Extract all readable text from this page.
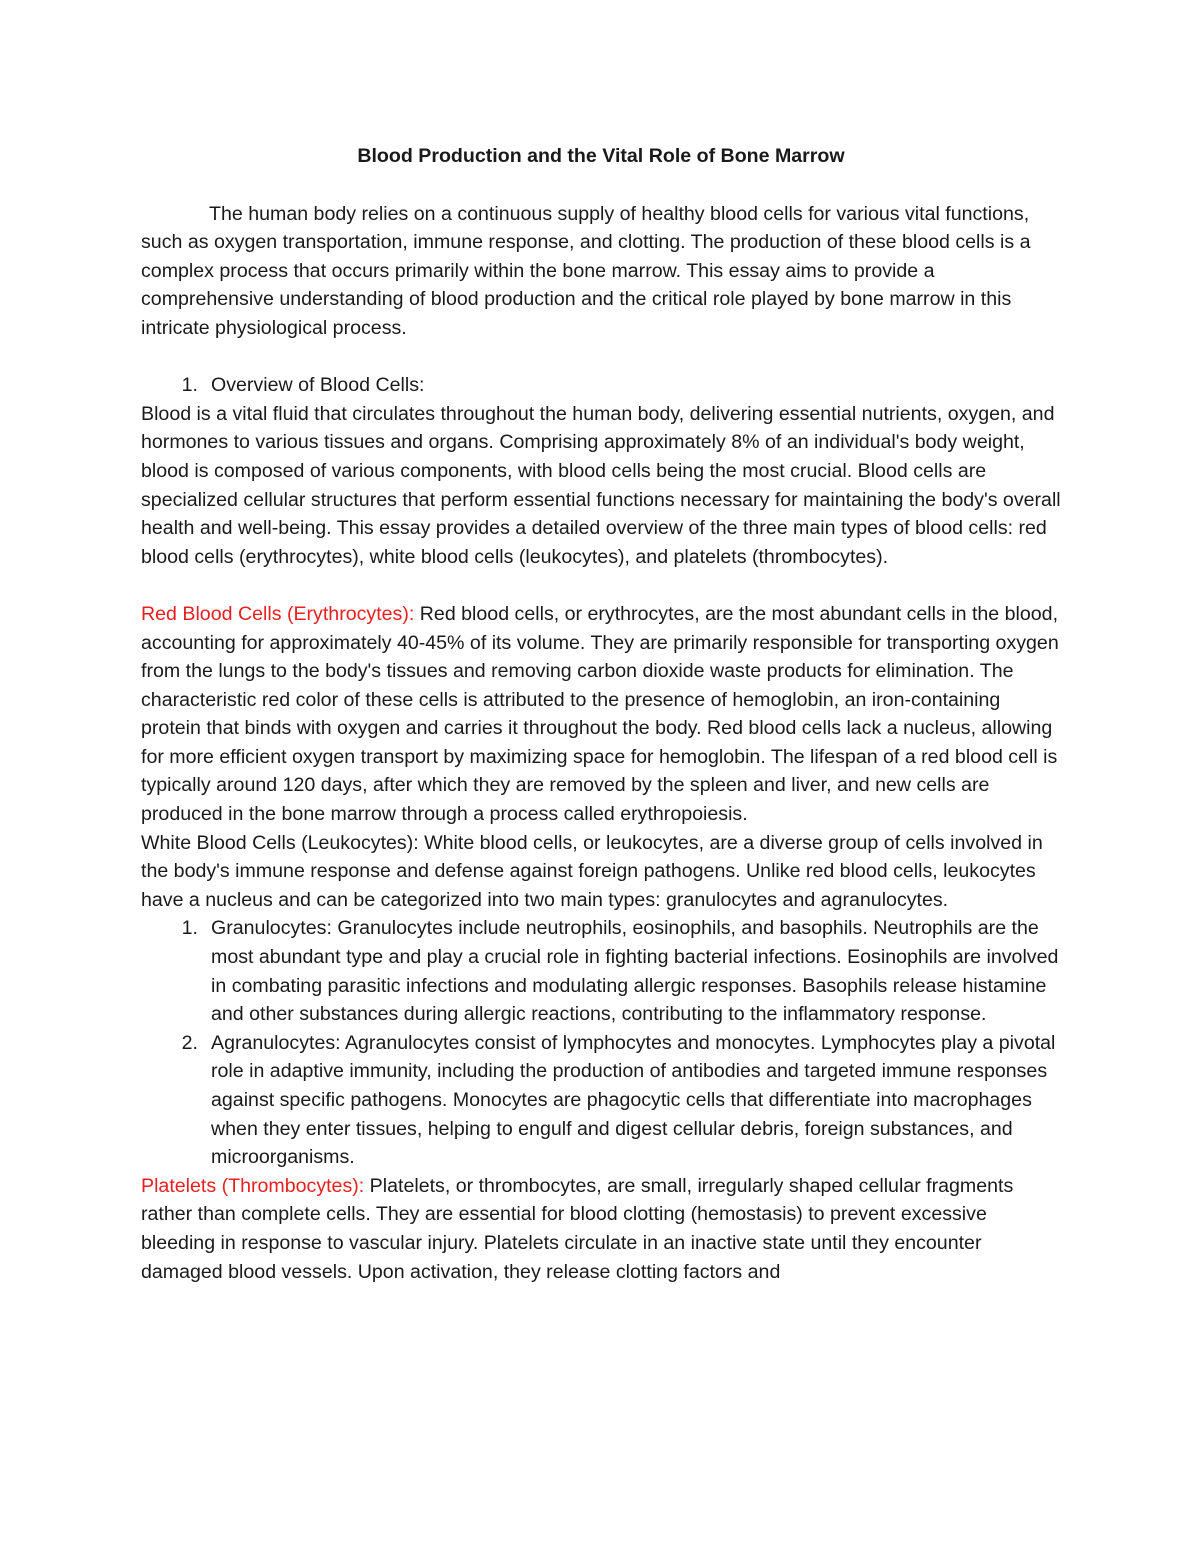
Blood Production and the Vital Role of Bone Marrow

The human body relies on a continuous supply of healthy blood cells for various vital functions, such as oxygen transportation, immune response, and clotting. The production of these blood cells is a complex process that occurs primarily within the bone marrow. This essay aims to provide a comprehensive understanding of blood production and the critical role played by bone marrow in this intricate physiological process.

1. Overview of Blood Cells:

Blood is a vital fluid that circulates throughout the human body, delivering essential nutrients, oxygen, and hormones to various tissues and organs. Comprising approximately 8% of an individual's body weight, blood is composed of various components, with blood cells being the most crucial. Blood cells are specialized cellular structures that perform essential functions necessary for maintaining the body's overall health and well-being. This essay provides a detailed overview of the three main types of blood cells: red blood cells (erythrocytes), white blood cells (leukocytes), and platelets (thrombocytes).

Red Blood Cells (Erythrocytes): Red blood cells, or erythrocytes, are the most abundant cells in the blood, accounting for approximately 40-45% of its volume. They are primarily responsible for transporting oxygen from the lungs to the body's tissues and removing carbon dioxide waste products for elimination. The characteristic red color of these cells is attributed to the presence of hemoglobin, an iron-containing protein that binds with oxygen and carries it throughout the body. Red blood cells lack a nucleus, allowing for more efficient oxygen transport by maximizing space for hemoglobin. The lifespan of a red blood cell is typically around 120 days, after which they are removed by the spleen and liver, and new cells are produced in the bone marrow through a process called erythropoiesis.

White Blood Cells (Leukocytes): White blood cells, or leukocytes, are a diverse group of cells involved in the body's immune response and defense against foreign pathogens. Unlike red blood cells, leukocytes have a nucleus and can be categorized into two main types: granulocytes and agranulocytes.

1. Granulocytes: Granulocytes include neutrophils, eosinophils, and basophils. Neutrophils are the most abundant type and play a crucial role in fighting bacterial infections. Eosinophils are involved in combating parasitic infections and modulating allergic responses. Basophils release histamine and other substances during allergic reactions, contributing to the inflammatory response.
2. Agranulocytes: Agranulocytes consist of lymphocytes and monocytes. Lymphocytes play a pivotal role in adaptive immunity, including the production of antibodies and targeted immune responses against specific pathogens. Monocytes are phagocytic cells that differentiate into macrophages when they enter tissues, helping to engulf and digest cellular debris, foreign substances, and microorganisms.

Platelets (Thrombocytes): Platelets, or thrombocytes, are small, irregularly shaped cellular fragments rather than complete cells. They are essential for blood clotting (hemostasis) to prevent excessive bleeding in response to vascular injury. Platelets circulate in an inactive state until they encounter damaged blood vessels. Upon activation, they release clotting factors and
